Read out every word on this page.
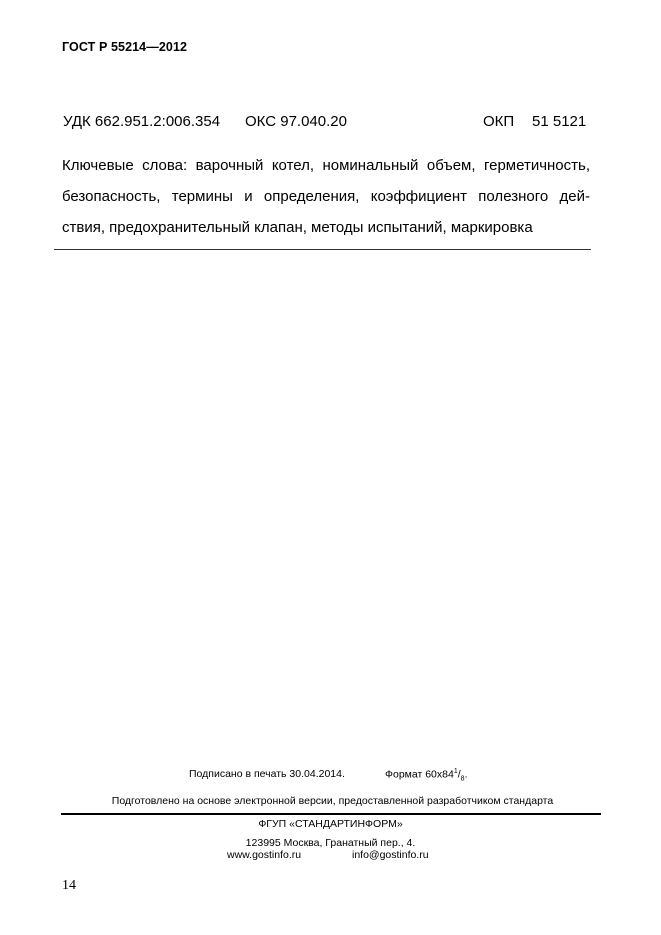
ГОСТ Р 55214—2012
УДК 662.951.2:006.354 ОКС 97.040.20	ОКП 51 5121
Ключевые слова: варочный котел, номинальный объем, герметичность,
безопасность, термины и определения, коэффициент полезного дей-
ствия, предохранительный клапан, методы испытаний, маркировка
Подписано в печать 30.04.2014.	Формат $60x84^1/_8$.
Подготовлено на основе электронной версии, предоставленной разработчиком стандарта
ФГУП «СТАНДАРТИНФОРМ»
123995 Москва, Гранатный пер., 4.
www.gostinfo.ru	info@gostinfo.ru
14
